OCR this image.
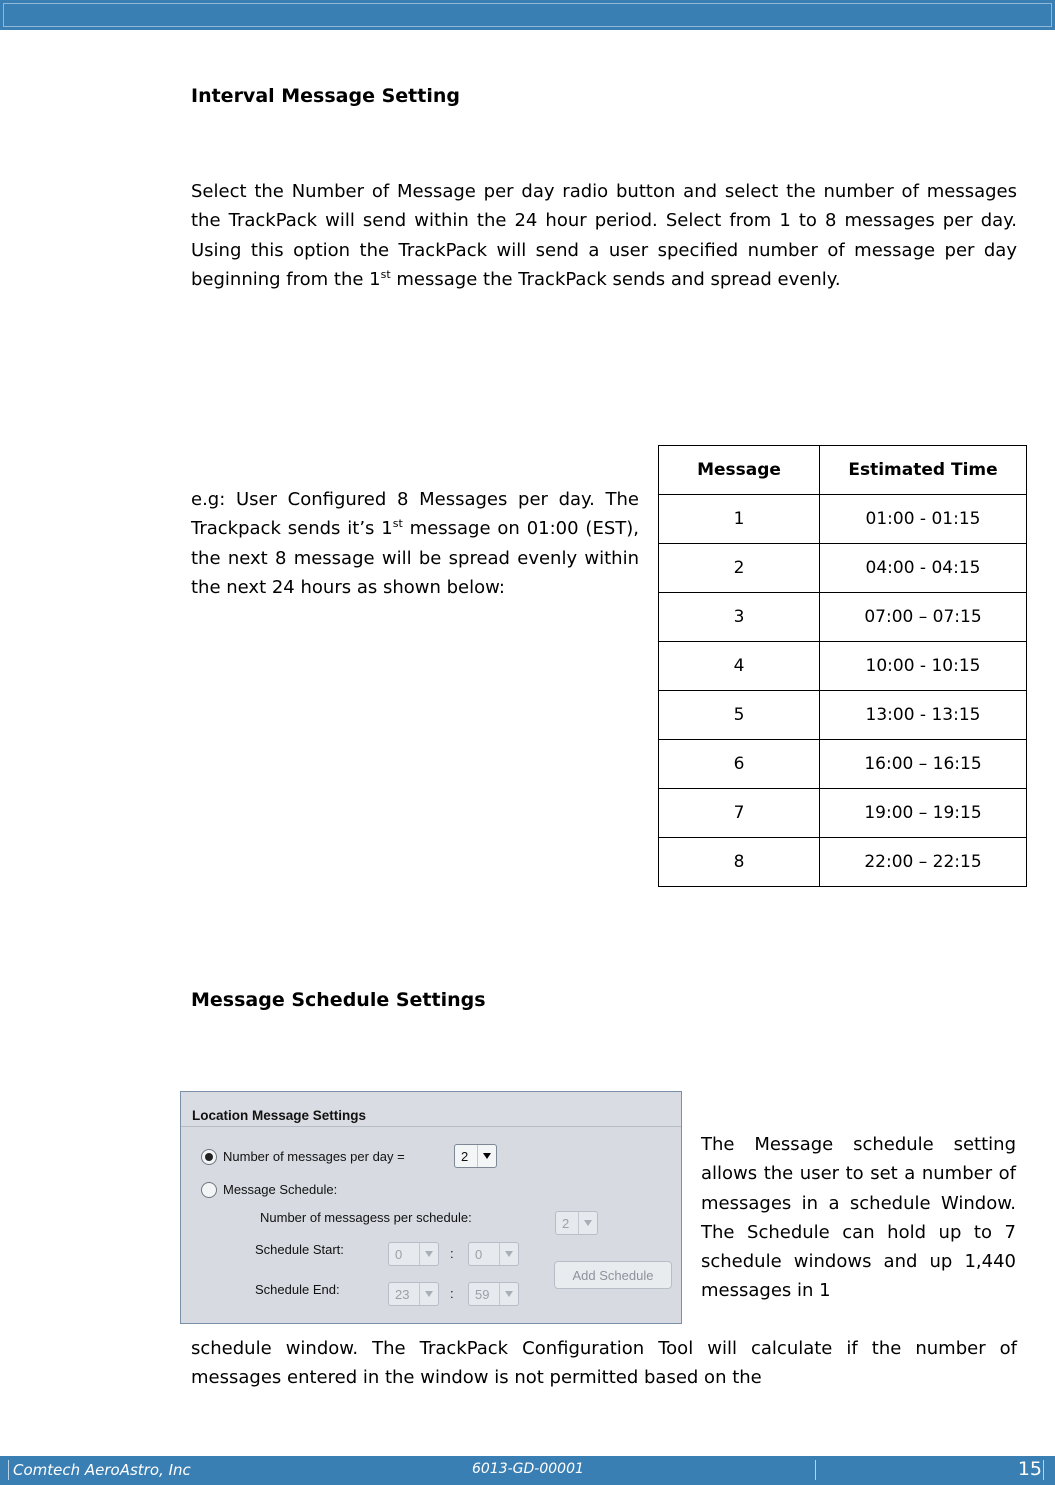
Interval Message Setting

Select the Number of Message per day radio button and select the number of messages the TrackPack will send within the 24 hour period. Select from 1 to 8 messages per day. Using this option the TrackPack will send a user specified number of message per day beginning from the 1st message the TrackPack sends and spread evenly.

e.g: User Configured 8 Messages per day. The Trackpack sends it’s 1st message on 01:00 (EST), the next 8 message will be spread evenly within the next 24 hours as shown below:

Message	Estimated Time
1	01:00 - 01:15
2	04:00 - 04:15
3	07:00 – 07:15
4	10:00 - 10:15
5	13:00 - 13:15
6	16:00 – 16:15
7	19:00 – 19:15
8	22:00 – 22:15
Message Schedule Settings
Location Message Settings
Number of messages per day =	2
Message Schedule:
Number of messagess per schedule:	2
Schedule Start:	0	: 0
Schedule End:	23	: 59
Add Schedule

The Message schedule setting allows the user to set a number of messages in a schedule Window. The Schedule can hold up to 7 schedule windows and up 1,440 messages in 1

schedule window. The TrackPack Configuration Tool will calculate if the number of messages entered in the window is not permitted based on the

Comtech AeroAstro, Inc	6013-GD-00001	15
